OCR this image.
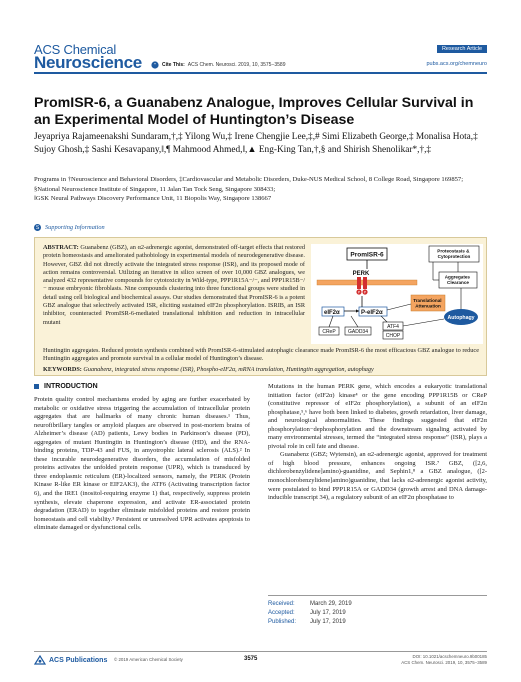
ACS Chemical
Neuroscience " Cite This: ACS Chem. Neurosci. 2019, 10, 3575−3589
Research Article
pubs.acs.org/chemneuro
PromISR-6, a Guanabenz Analogue, Improves Cellular Survival in an Experimental Model of Huntington’s Disease
Jeyapriya Rajameenakshi Sundaram,†,‡ Yilong Wu,‡ Irene Chengjie Lee,‡,# Simi Elizabeth George,‡ Monalisa Hota,‡ Sujoy Ghosh,‡ Sashi Kesavapany,‖,¶ Mahmood Ahmed,‖,▲ Eng-King Tan,†,§ and Shirish Shenolikar*,†,‡
Programs in †Neuroscience and Behavioral Disorders, ‡Cardiovascular and Metabolic Disorders, Duke-NUS Medical School, 8 College Road, Singapore 169857;
§National Neuroscience Institute of Singapore, 11 Jalan Tan Tock Seng, Singapore 308433;
‖GSK Neural Pathways Discovery Performance Unit, 11 Biopolis Way, Singapore 138667
S Supporting Information
ABSTRACT: Guanabenz (GBZ), an α2-adrenergic agonist, demonstrated off-target effects that restored protein homeostasis and ameliorated pathobiology in experimental models of neurodegenerative disease. However, GBZ did not directly activate the integrated stress response (ISR), and its proposed mode of action remains controversial. Utilizing an iterative in silico screen of over 10,000 GBZ analogues, we analyzed 432 representative compounds for cytotoxicity in Wild-type, PPP1R15A−/−, and PPP1R15B−/− mouse embryonic fibroblasts. Nine compounds clustering into three functional groups were studied in detail using cell biological and biochemical assays. Our studies demonstrated that PromISR-6 is a potent GBZ analogue that selectively activated ISR, eliciting sustained eIF2α phosphorylation. ISRIB, an ISR inhibitor, counteracted PromISR-6-mediated translational inhibition and reduction in intracellular mutant
PromISR-6
PERK
P P
eIF2α	P-eIF2α
CReP GADD34
ATF4
CHOP
Translational Attenuation
Proteostasis & Cytoprotection
Aggregates Clearance
Autophagy
Huntingtin aggregates. Reduced protein synthesis combined with PromISR-6-stimulated autophagic clearance made PromISR-6 the most efficacious GBZ analogue to reduce Huntingtin aggregates and promote survival in a cellular model of Huntington’s disease.
KEYWORDS: Guanabenz, integrated stress response (ISR), Phospho-eIF2α, mRNA translation, Huntingtin aggregation, autophagy
INTRODUCTION
Protein quality control mechanisms eroded by aging are further exacerbated by metabolic or oxidative stress triggering the accumulation of intracellular protein aggregates that are hallmarks of many chronic human diseases.¹ Thus, neurofibrillary tangles or amyloid plaques are observed in post-mortem brains of Alzheimer’s disease (AD) patients, Lewy bodies in Parkinson’s disease (PD), aggregates of mutant Huntingtin in Huntington’s disease (HD), and the RNA-binding proteins, TDP-43 and FUS, in amyotrophic lateral sclerosis (ALS).² In these incurable neurodegenerative disorders, the accumulation of misfolded proteins activates the unfolded protein response (UPR), which is transduced by three endoplasmic reticulum (ER)-localized sensors, namely, the PERK (Protein Kinase R-like ER kinase or EIF2AK3), the ATF6 (Activating transcription factor 6), and the IRE1 (inositol-requiring enzyme 1) that, respectively, suppress protein synthesis, elevate chaperone expression, and activate ER-associated protein degradation (ERAD) to together eliminate misfolded proteins and restore protein homeostasis and cell viability.³ Persistent or unresolved UPR activates apoptosis to eliminate damaged or dysfunctional cells.

Mutations in the human PERK gene, which encodes a eukaryotic translational initiation factor (eIF2α) kinase⁴ or the gene encoding PPP1R15B or CReP (constitutive repressor of eIF2α phosphorylation), a subunit of an eIF2α phosphatase,⁵,⁶ have both been linked to diabetes, growth retardation, liver damage, and neurological abnormalities. These findings suggested that eIF2α phosphorylation−dephosphorylation and the downstream signaling activated by many environmental stresses, termed the “integrated stress response” (ISR), plays a pivotal role in cell fate and disease.

Guanabenz (GBZ; Wytensin), an α2-adrenergic agonist, approved for treatment of high blood pressure, enhances ongoing ISR.⁷ GBZ, ([2,6, dichlorobenzylidene]amino)-guanidine, and Sephin1,⁸ a GBZ analogue, ([2-monochlorobenzylidene]amino)guanidine, that lacks α2-adrenergic agonist activity, were postulated to bind PPP1R15A or GADD34 (growth arrest and DNA damage-inducible transcript 34), a regulatory subunit of an eIF2α phosphatase to

Received:	March 29, 2019
Accepted:	July 17, 2019
Published:	July 17, 2019
ACS Publications © 2019 American Chemical Society	3575	DOI: 10.1021/acschemneuro.9b00185
ACS Chem. Neurosci. 2019, 10, 3575−3589
